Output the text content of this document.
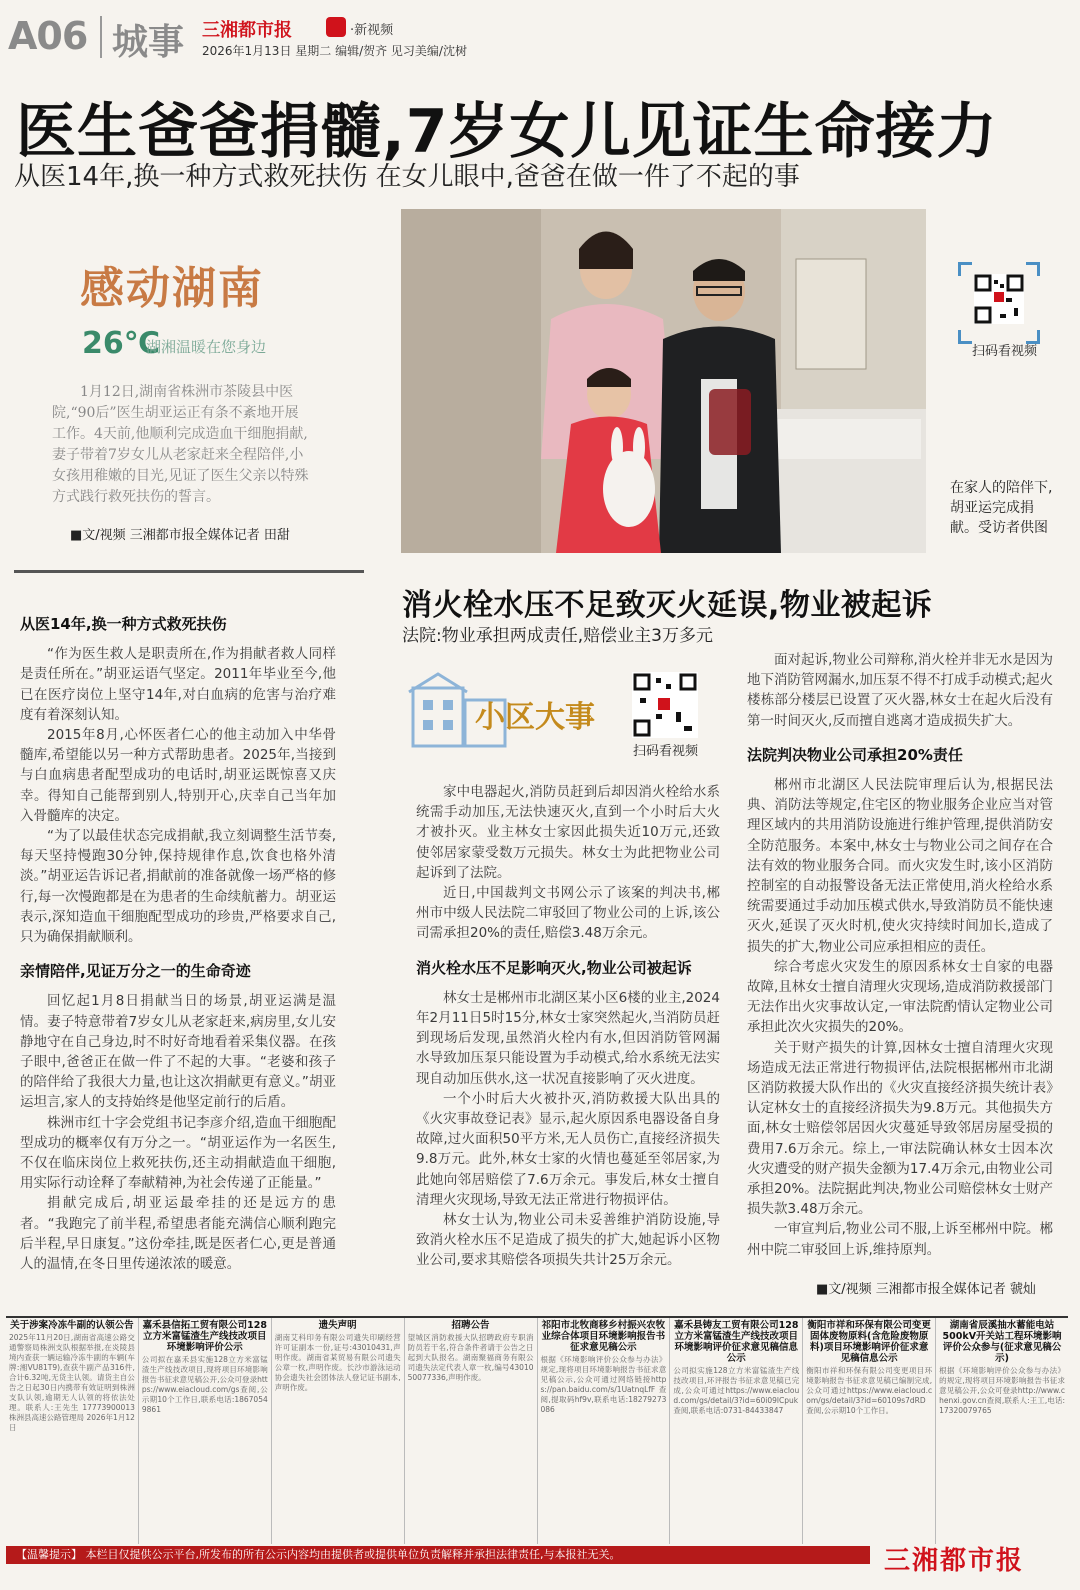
A06 城事 三湘都市报	·新视频
2026年1月13日 星期二 编辑/贺齐 见习美编/沈树
医生爸爸捐髓,7岁女儿见证生命接力
从医14年,换一种方式救死扶伤 在女儿眼中,爸爸在做一件了不起的事
感动湖南
26℃
湖湘温暖在您身边
1月12日,湖南省株洲市茶陵县中医院,“90后”医生胡亚运正有条不紊地开展工作。4天前,他顺利完成造血干细胞捐献,妻子带着7岁女儿从老家赶来全程陪伴,小女孩用稚嫩的目光,见证了医生父亲以特殊方式践行救死扶伤的誓言。
■文/视频 三湘都市报全媒体记者 田甜
在家人的陪伴下,胡亚运完成捐献。受访者供图
扫码看视频
从医14年,换一种方式救死扶伤

“作为医生救人是职责所在,作为捐献者救人同样是责任所在。”胡亚运语气坚定。2011年毕业至今,他已在医疗岗位上坚守14年,对白血病的危害与治疗难度有着深刻认知。

2015年8月,心怀医者仁心的他主动加入中华骨髓库,希望能以另一种方式帮助患者。2025年,当接到与白血病患者配型成功的电话时,胡亚运既惊喜又庆幸。得知自己能帮到别人,特别开心,庆幸自己当年加入骨髓库的决定。

“为了以最佳状态完成捐献,我立刻调整生活节奏,每天坚持慢跑30分钟,保持规律作息,饮食也格外清淡。”胡亚运告诉记者,捐献前的准备就像一场严格的修行,每一次慢跑都是在为患者的生命续航蓄力。胡亚运表示,深知造血干细胞配型成功的珍贵,严格要求自己,只为确保捐献顺利。

亲情陪伴,见证万分之一的生命奇迹

回忆起1月8日捐献当日的场景,胡亚运满是温情。妻子特意带着7岁女儿从老家赶来,病房里,女儿安静地守在自己身边,时不时好奇地看着采集仪器。在孩子眼中,爸爸正在做一件了不起的大事。“老婆和孩子的陪伴给了我很大力量,也让这次捐献更有意义。”胡亚运坦言,家人的支持始终是他坚定前行的后盾。

株洲市红十字会党组书记李彦介绍,造血干细胞配型成功的概率仅有万分之一。“胡亚运作为一名医生,不仅在临床岗位上救死扶伤,还主动捐献造血干细胞,用实际行动诠释了奉献精神,为社会传递了正能量。”

捐献完成后,胡亚运最牵挂的还是远方的患者。“我跑完了前半程,希望患者能充满信心顺利跑完后半程,早日康复。”这份牵挂,既是医者仁心,更是普通人的温情,在冬日里传递浓浓的暖意。

消火栓水压不足致灭火延误,物业被起诉
法院:物业承担两成责任,赔偿业主3万多元
小区大事
扫码看视频

家中电器起火,消防员赶到后却因消火栓给水系统需手动加压,无法快速灭火,直到一个小时后大火才被扑灭。业主林女士家因此损失近10万元,还致使邻居家蒙受数万元损失。林女士为此把物业公司起诉到了法院。

近日,中国裁判文书网公示了该案的判决书,郴州市中级人民法院二审驳回了物业公司的上诉,该公司需承担20%的责任,赔偿3.48万余元。

消火栓水压不足影响灭火,物业公司被起诉

林女士是郴州市北湖区某小区6楼的业主,2024年2月11日5时15分,林女士家突然起火,当消防员赶到现场后发现,虽然消火栓内有水,但因消防管网漏水导致加压泵只能设置为手动模式,给水系统无法实现自动加压供水,这一状况直接影响了灭火进度。

一个小时后大火被扑灭,消防救援大队出具的《火灾事故登记表》显示,起火原因系电器设备自身故障,过火面积50平方米,无人员伤亡,直接经济损失9.8万元。此外,林女士家的火情也蔓延至邻居家,为此她向邻居赔偿了7.6万余元。事发后,林女士擅自清理火灾现场,导致无法正常进行物损评估。

林女士认为,物业公司未妥善维护消防设施,导致消火栓水压不足造成了损失的扩大,她起诉小区物业公司,要求其赔偿各项损失共计25万余元。

面对起诉,物业公司辩称,消火栓并非无水是因为地下消防管网漏水,加压泵不得不打成手动模式;起火楼栋部分楼层已设置了灭火器,林女士在起火后没有第一时间灭火,反而擅自逃离才造成损失扩大。

法院判决物业公司承担20%责任

郴州市北湖区人民法院审理后认为,根据民法典、消防法等规定,住宅区的物业服务企业应当对管理区域内的共用消防设施进行维护管理,提供消防安全防范服务。本案中,林女士与物业公司之间存在合法有效的物业服务合同。而火灾发生时,该小区消防控制室的自动报警设备无法正常使用,消火栓给水系统需要通过手动加压模式供水,导致消防员不能快速灭火,延误了灭火时机,使火灾持续时间加长,造成了损失的扩大,物业公司应承担相应的责任。

综合考虑火灾发生的原因系林女士自家的电器故障,且林女士擅自清理火灾现场,造成消防救援部门无法作出火灾事故认定,一审法院酌情认定物业公司承担此次火灾损失的20%。

关于财产损失的计算,因林女士擅自清理火灾现场造成无法正常进行物损评估,法院根据郴州市北湖区消防救援大队作出的《火灾直接经济损失统计表》认定林女士的直接经济损失为9.8万元。其他损失方面,林女士赔偿邻居因火灾蔓延导致邻居房屋受损的费用7.6万余元。综上,一审法院确认林女士因本次火灾遭受的财产损失金额为17.4万余元,由物业公司承担20%。法院据此判决,物业公司赔偿林女士财产损失款3.48万余元。

一审宣判后,物业公司不服,上诉至郴州中院。郴州中院二审驳回上诉,维持原判。

■文/视频 三湘都市报全媒体记者 虢灿
关于涉案冷冻牛副的认领公告
2025年11月20日,湖南省高速公路交通警察局株洲支队根据举报,在炎陵县境内查获一辆运输冷冻牛副的车辆(车牌:湘VU81T9),查获牛副产品316件,合计6.32吨,无货主认领。请货主自公告之日起30日内携带有效证明到株洲支队认领,逾期无人认领的将依法处理。联系人:王先生 17773900013 株洲县高速公路管理局 2026年1月12日
嘉禾县信拓工贸有限公司128立方米富锰渣生产线技改项目环境影响评价公示
公司拟在嘉禾县实施128立方米富锰渣生产线技改项目,现将项目环境影响报告书征求意见稿公开,公众可登录https://www.eiacloud.com/gs查阅,公示期10个工作日,联系电话:18670549861
遗失声明
湖南艾科印务有限公司遗失印刷经营许可证副本一份,证号:43010431,声明作废。湖南省某贸易有限公司遗失公章一枚,声明作废。长沙市游泳运动协会遗失社会团体法人登记证书副本,声明作废。
招聘公告
望城区消防救援大队招聘政府专职消防员若干名,符合条件者请于公告之日起到大队报名。湖南聚福商务有限公司遗失法定代表人章一枚,编号4301050077336,声明作废。
祁阳市北牧商移乡村振兴农牧业综合体项目环境影响报告书征求意见稿公示
根据《环境影响评价公众参与办法》规定,现将项目环境影响报告书征求意见稿公示,公众可通过网络链接https://pan.baidu.com/s/1UatnqLfF查阅,提取码hf9v,联系电话:18279273086
嘉禾县铸友工贸有限公司128立方米富锰渣生产线技改项目环境影响评价征求意见稿信息公示
公司拟实施128立方米富锰渣生产线技改项目,环评报告书征求意见稿已完成,公众可通过https://www.eiacloud.com/gs/detail/3?id=60i09lCpuk查阅,联系电话:0731-84433847
衡阳市祥和环保有限公司变更固体废物原料(含危险废物原料)项目环境影响评价征求意见稿信息公示
衡阳市祥和环保有限公司变更项目环境影响报告书征求意见稿已编制完成,公众可通过https://www.eiacloud.com/gs/detail/3?id=60109s7dRD查阅,公示期10个工作日。
湖南省辰溪抽水蓄能电站500kV开关站工程环境影响评价公众参与(征求意见稿公示)
根据《环境影响评价公众参与办法》的规定,现将项目环境影响报告书征求意见稿公开,公众可登录http://www.chenxi.gov.cn查阅,联系人:王工,电话:17320079765
【温馨提示】 本栏目仅提供公示平台,所发布的所有公示内容均由提供者或提供单位负责解释并承担法律责任,与本报社无关。	三湘都市报
